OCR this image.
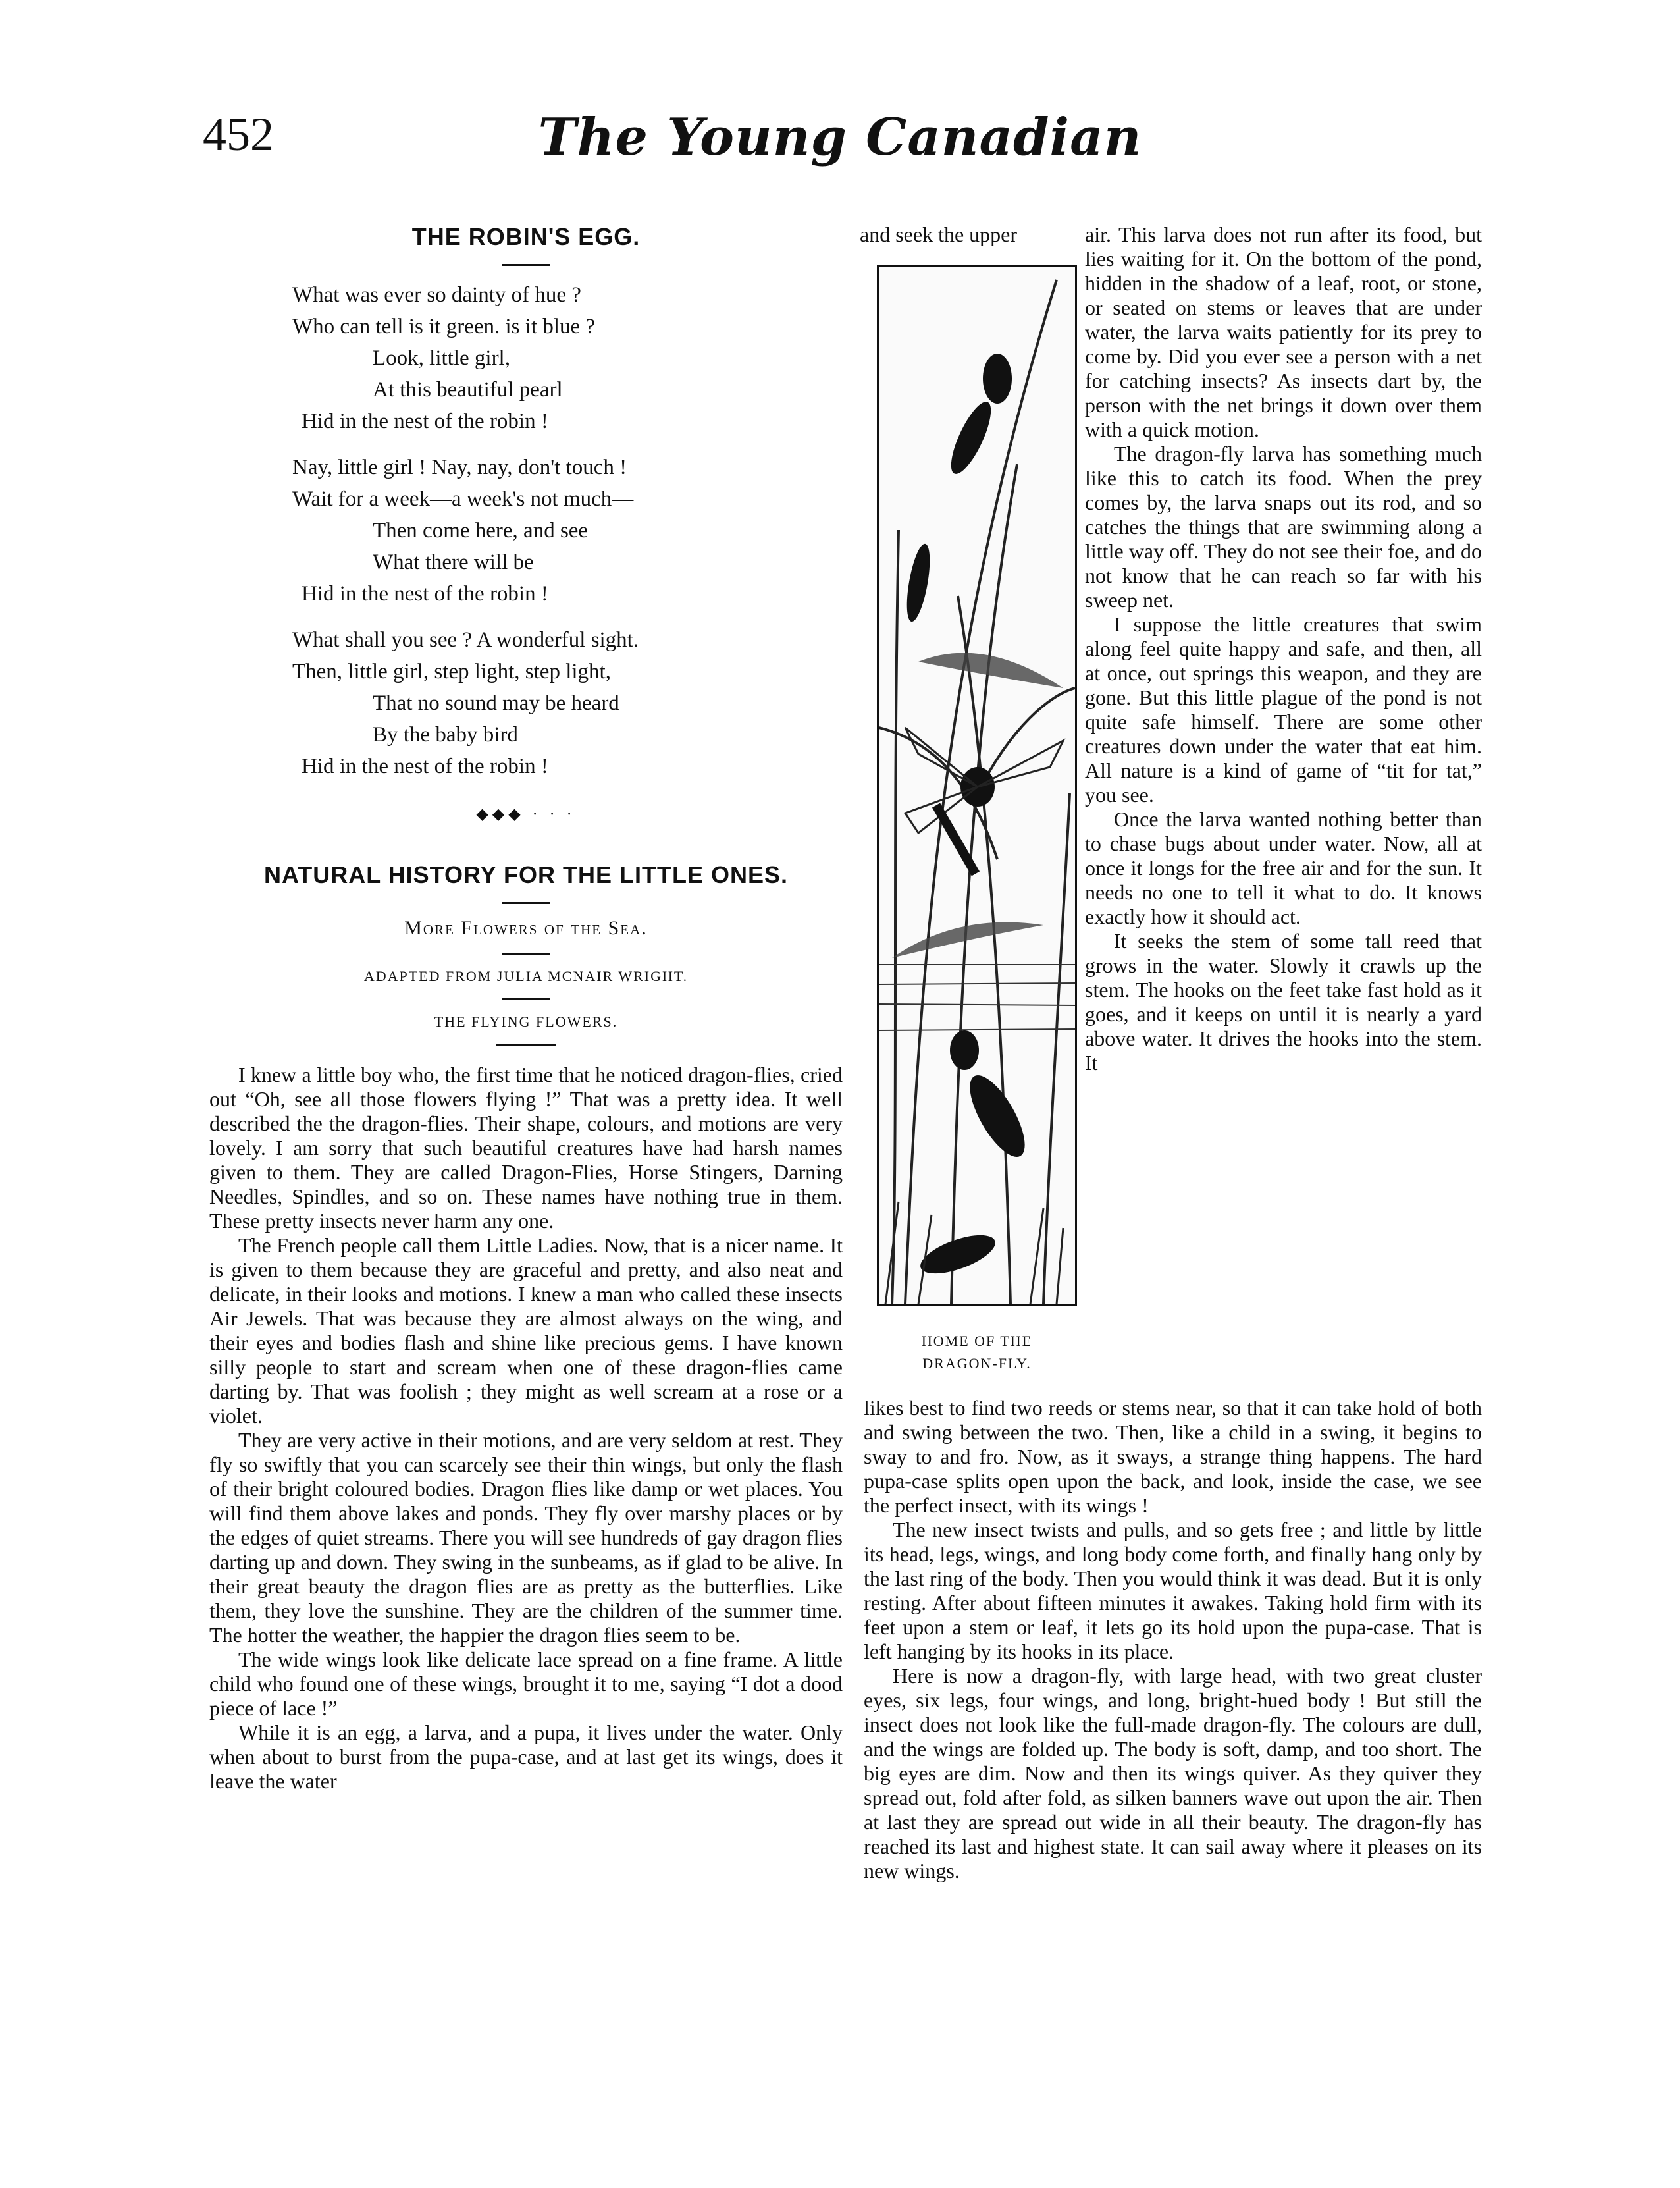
452	The Young Canadian
THE ROBIN'S EGG.

What was ever so dainty of hue ?

Who can tell is it green. is it blue ?

Look, little girl,

At this beautiful pearl

Hid in the nest of the robin !

Nay, little girl ! Nay, nay, don't touch !

Wait for a week—a week's not much—

Then come here, and see

What there will be

Hid in the nest of the robin !

What shall you see ? A wonderful sight.

Then, little girl, step light, step light,

That no sound may be heard

By the baby bird

Hid in the nest of the robin !

◆◆◆ · · ·
NATURAL HISTORY FOR THE LITTLE ONES.

More Flowers of the Sea.

ADAPTED FROM JULIA MCNAIR WRIGHT.

THE FLYING FLOWERS.

I knew a little boy who, the first time that he noticed dragon-flies, cried out “Oh, see all those flowers flying !” That was a pretty idea. It well described the the dragon-flies. Their shape, colours, and motions are very lovely. I am sorry that such beautiful creatures have had harsh names given to them. They are called Dragon-Flies, Horse Stingers, Darning Needles, Spindles, and so on. These names have nothing true in them. These pretty insects never harm any one.

The French people call them Little Ladies. Now, that is a nicer name. It is given to them because they are graceful and pretty, and also neat and delicate, in their looks and motions. I knew a man who called these insects Air Jewels. That was because they are almost always on the wing, and their eyes and bodies flash and shine like precious gems. I have known silly people to start and scream when one of these dragon-flies came darting by. That was foolish ; they might as well scream at a rose or a violet.

They are very active in their motions, and are very seldom at rest. They fly so swiftly that you can scarcely see their thin wings, but only the flash of their bright coloured bodies. Dragon flies like damp or wet places. You will find them above lakes and ponds. They fly over marshy places or by the edges of quiet streams. There you will see hundreds of gay dragon flies darting up and down. They swing in the sunbeams, as if glad to be alive. In their great beauty the dragon flies are as pretty as the butterflies. Like them, they love the sunshine. They are the children of the summer time. The hotter the weather, the happier the dragon flies seem to be.

The wide wings look like delicate lace spread on a fine frame. A little child who found one of these wings, brought it to me, saying “I dot a dood piece of lace !”

While it is an egg, a larva, and a pupa, it lives under the water. Only when about to burst from the pupa-case, and at last get its wings, does it leave the water

and seek the upper
HOME OF THE
DRAGON-FLY.

air. This larva does not run after its food, but lies waiting for it. On the bottom of the pond, hidden in the shadow of a leaf, root, or stone, or seated on stems or leaves that are under water, the larva waits patiently for its prey to come by. Did you ever see a person with a net for catching insects? As insects dart by, the person with the net brings it down over them with a quick motion.

The dragon-fly larva has something much like this to catch its food. When the prey comes by, the larva snaps out its rod, and so catches the things that are swimming along a little way off. They do not see their foe, and do not know that he can reach so far with his sweep net.

I suppose the little creatures that swim along feel quite happy and safe, and then, all at once, out springs this weapon, and they are gone. But this little plague of the pond is not quite safe himself. There are some other creatures down under the water that eat him. All nature is a kind of game of “tit for tat,” you see.

Once the larva wanted nothing better than to chase bugs about under water. Now, all at once it longs for the free air and for the sun. It needs no one to tell it what to do. It knows exactly how it should act.

It seeks the stem of some tall reed that grows in the water. Slowly it crawls up the stem. The hooks on the feet take fast hold as it goes, and it keeps on until it is nearly a yard above water. It drives the hooks into the stem. It

likes best to find two reeds or stems near, so that it can take hold of both and swing between the two. Then, like a child in a swing, it begins to sway to and fro. Now, as it sways, a strange thing happens. The hard pupa-case splits open upon the back, and look, inside the case, we see the perfect insect, with its wings !

The new insect twists and pulls, and so gets free ; and little by little its head, legs, wings, and long body come forth, and finally hang only by the last ring of the body. Then you would think it was dead. But it is only resting. After about fifteen minutes it awakes. Taking hold firm with its feet upon a stem or leaf, it lets go its hold upon the pupa-case. That is left hanging by its hooks in its place.

Here is now a dragon-fly, with large head, with two great cluster eyes, six legs, four wings, and long, bright-hued body ! But still the insect does not look like the full-made dragon-fly. The colours are dull, and the wings are folded up. The body is soft, damp, and too short. The big eyes are dim. Now and then its wings quiver. As they quiver they spread out, fold after fold, as silken banners wave out upon the air. Then at last they are spread out wide in all their beauty. The dragon-fly has reached its last and highest state. It can sail away where it pleases on its new wings.
